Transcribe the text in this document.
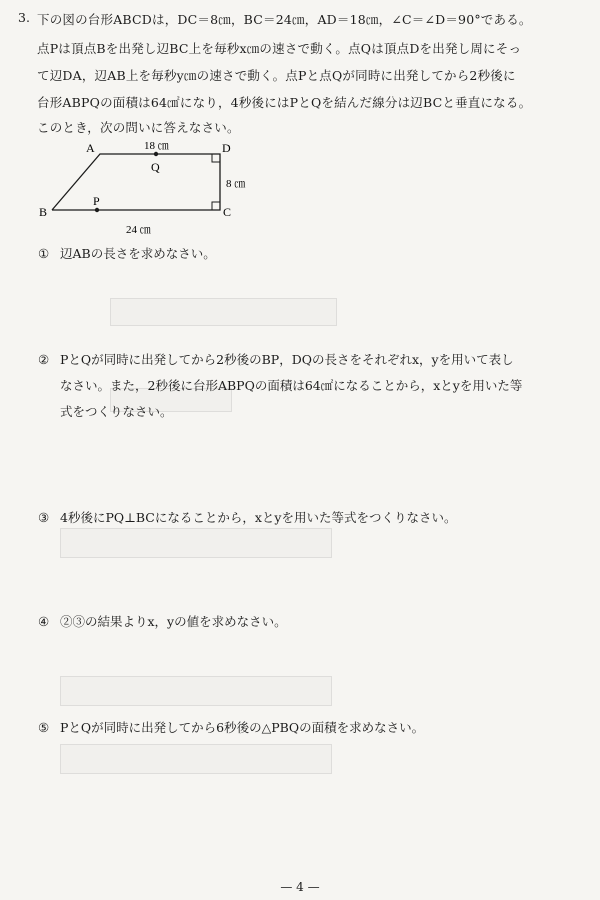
3. 下の図の台形ABCDは，DC＝8㎝，BC＝24㎝，AD＝18㎝，∠C＝∠D＝90°である。
点Pは頂点Bを出発し辺BC上を毎秒x㎝の速さで動く。点Qは頂点Dを出発し周にそっ
て辺DA，辺AB上を毎秒y㎝の速さで動く。点Pと点Qが同時に出発してから2秒後に
台形ABPQの面積は64㎠になり，4秒後にはPとQを結んだ線分は辺BCと垂直になる。
このとき，次の問いに答えなさい。
A	D
B	C
Q
P
18 ㎝
8 ㎝
24 ㎝
① 辺ABの長さを求めなさい。
② PとQが同時に出発してから2秒後のBP，DQの長さをそれぞれx，yを用いて表し
なさい。また，2秒後に台形ABPQの面積は64㎠になることから，xとyを用いた等
式をつくりなさい。
③ 4秒後にPQ⊥BCになることから，xとyを用いた等式をつくりなさい。
④ ②③の結果よりx，yの値を求めなさい。
⑤ PとQが同時に出発してから6秒後の△PBQの面積を求めなさい。
— 4 —
